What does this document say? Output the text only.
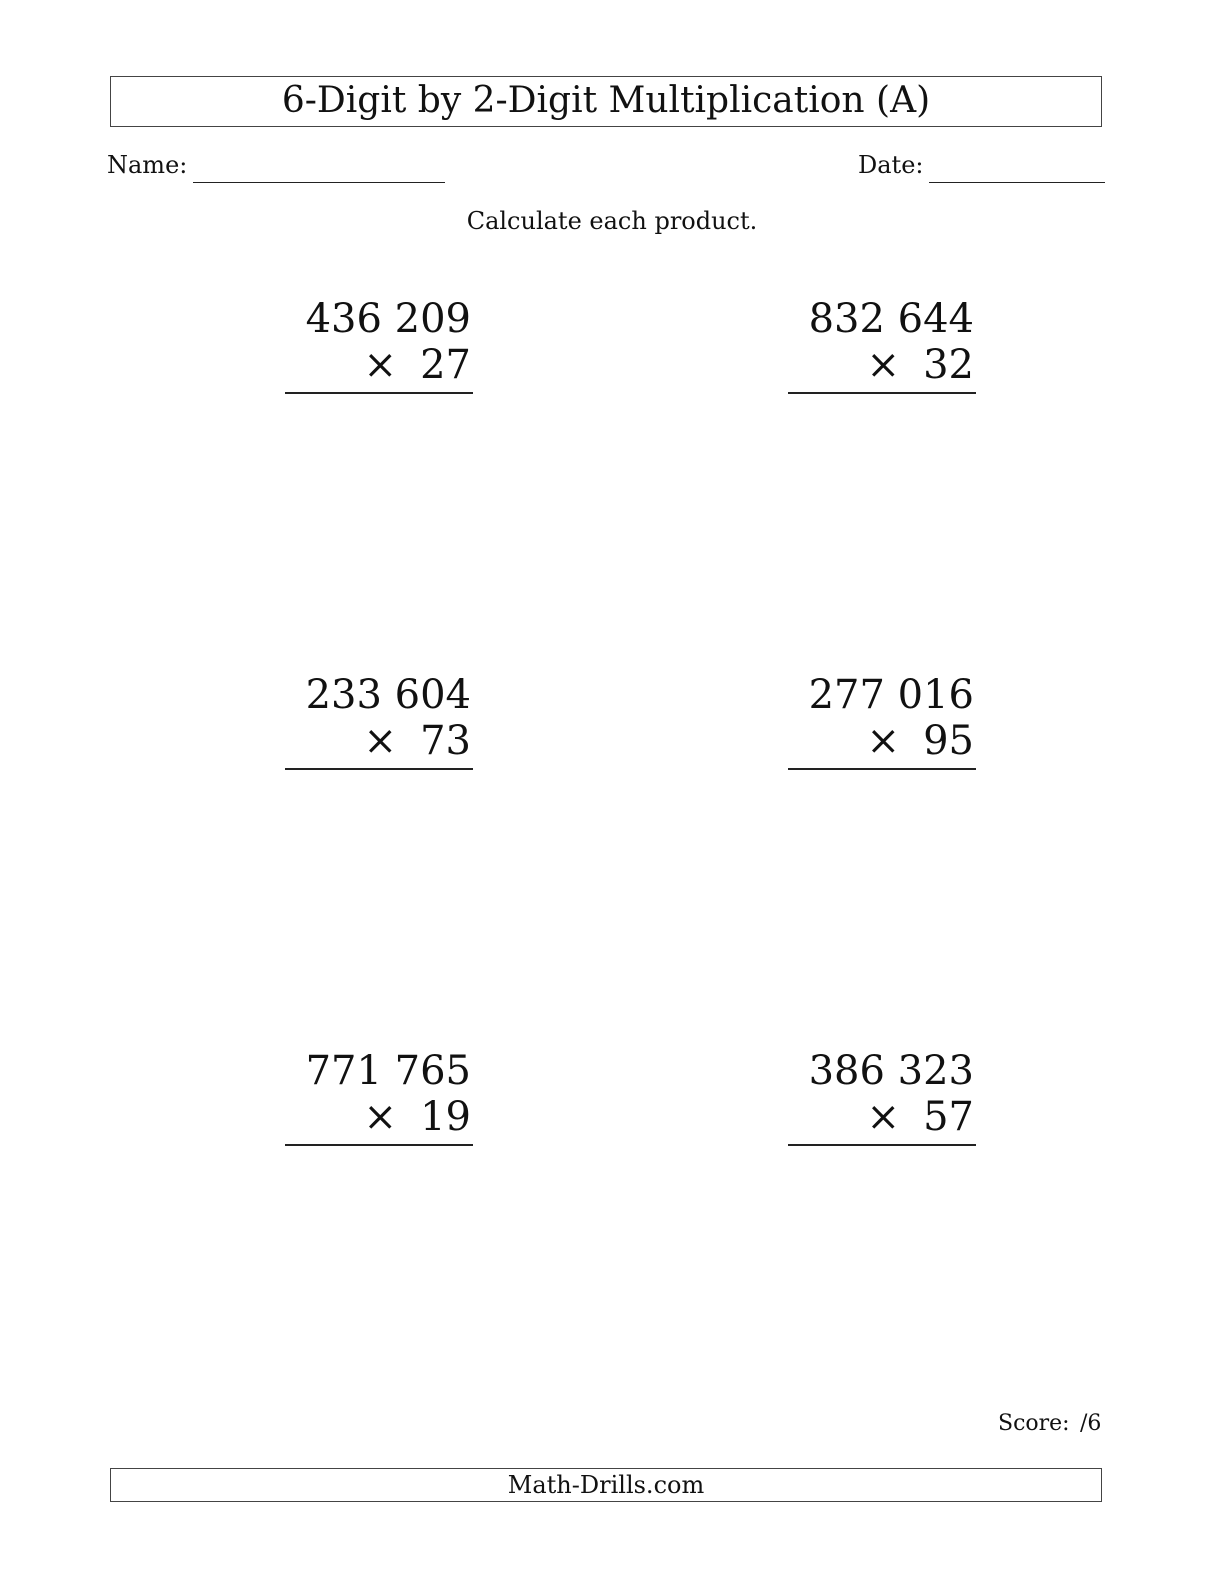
6-Digit by 2-Digit Multiplication (A)
Name:	Date:
Calculate each product.
436 209
× 27
832 644
× 32
233 604
× 73
277 016
× 95
771 765
× 19
386 323
× 57
Score: /6
Math-Drills.com
